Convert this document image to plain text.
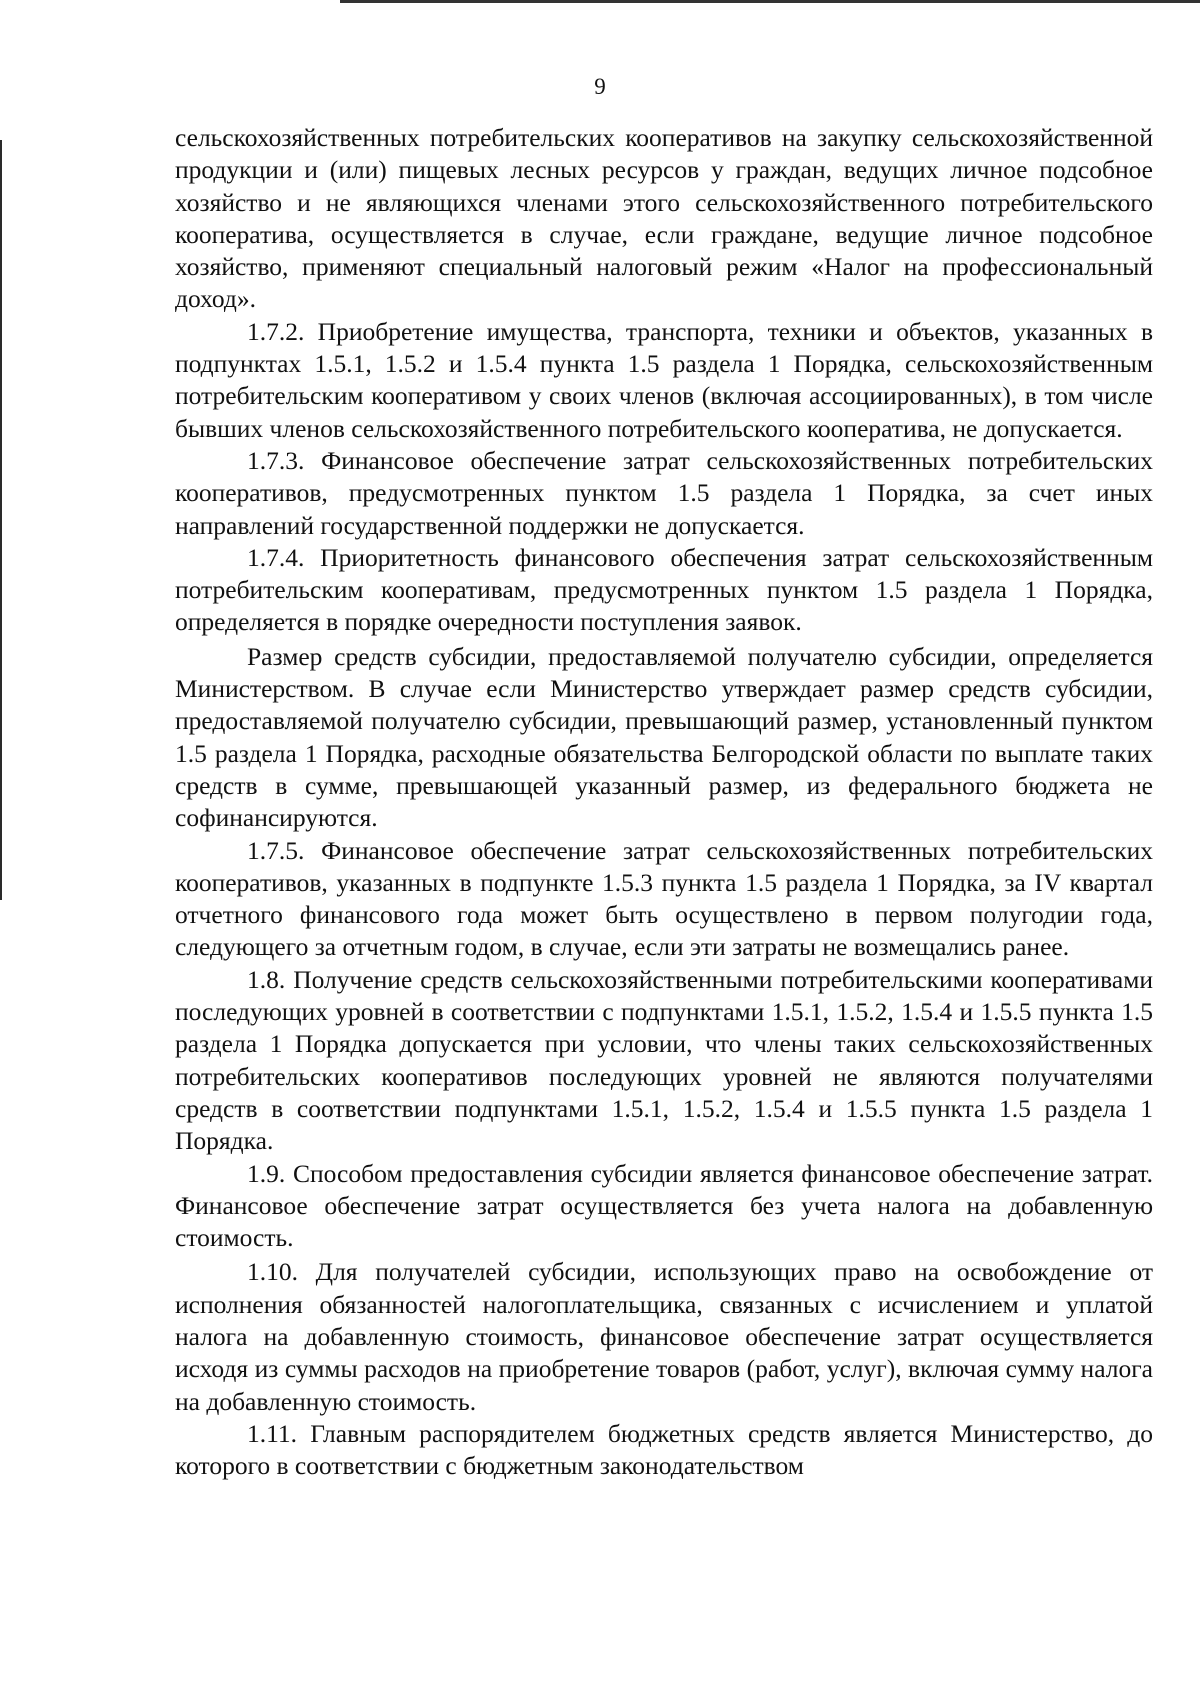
9

сельскохозяйственных потребительских кооперативов на закупку сельскохозяйственной продукции и (или) пищевых лесных ресурсов у граждан, ведущих личное подсобное хозяйство и не являющихся членами этого сельскохозяйственного потребительского кооператива, осуществляется в случае, если граждане, ведущие личное подсобное хозяйство, применяют специальный налоговый режим «Налог на профессиональный доход».

1.7.2. Приобретение имущества, транспорта, техники и объектов, указанных в подпунктах 1.5.1, 1.5.2 и 1.5.4 пункта 1.5 раздела 1 Порядка, сельскохозяйственным потребительским кооперативом у своих членов (включая ассоциированных), в том числе бывших членов сельскохозяйственного потребительского кооператива, не допускается.

1.7.3. Финансовое обеспечение затрат сельскохозяйственных потребительских кооперативов, предусмотренных пунктом 1.5 раздела 1 Порядка, за счет иных направлений государственной поддержки не допускается.

1.7.4. Приоритетность финансового обеспечения затрат сельскохозяйственным потребительским кооперативам, предусмотренных пунктом 1.5 раздела 1 Порядка, определяется в порядке очередности поступления заявок.

Размер средств субсидии, предоставляемой получателю субсидии, определяется Министерством. В случае если Министерство утверждает размер средств субсидии, предоставляемой получателю субсидии, превышающий размер, установленный пунктом 1.5 раздела 1 Порядка, расходные обязательства Белгородской области по выплате таких средств в сумме, превышающей указанный размер, из федерального бюджета не софинансируются.

1.7.5. Финансовое обеспечение затрат сельскохозяйственных потребительских кооперативов, указанных в подпункте 1.5.3 пункта 1.5 раздела 1 Порядка, за IV квартал отчетного финансового года может быть осуществлено в первом полугодии года, следующего за отчетным годом, в случае, если эти затраты не возмещались ранее.

1.8. Получение средств сельскохозяйственными потребительскими кооперативами последующих уровней в соответствии с подпунктами 1.5.1, 1.5.2, 1.5.4 и 1.5.5 пункта 1.5 раздела 1 Порядка допускается при условии, что члены таких сельскохозяйственных потребительских кооперативов последующих уровней не являются получателями средств в соответствии подпунктами 1.5.1, 1.5.2, 1.5.4 и 1.5.5 пункта 1.5 раздела 1 Порядка.

1.9. Способом предоставления субсидии является финансовое обеспечение затрат. Финансовое обеспечение затрат осуществляется без учета налога на добавленную стоимость.

1.10. Для получателей субсидии, использующих право на освобождение от исполнения обязанностей налогоплательщика, связанных с исчислением и уплатой налога на добавленную стоимость, финансовое обеспечение затрат осуществляется исходя из суммы расходов на приобретение товаров (работ, услуг), включая сумму налога на добавленную стоимость.

1.11. Главным распорядителем бюджетных средств является Министерство, до которого в соответствии с бюджетным законодательством
